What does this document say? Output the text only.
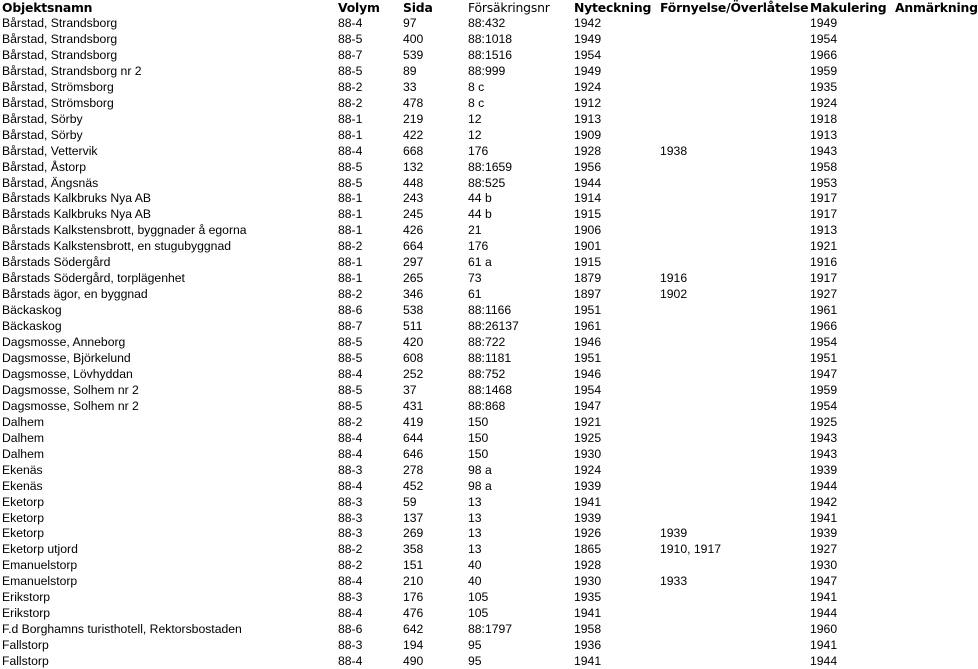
Objektsnamn	Volym	Sida	Försäkringsnr	Nyteckning	Förnyelse/Överlåtelse	Makulering	Anmärkning
Bårstad, Strandsborg	88-4	97	88:432	1942		1949	
Bårstad, Strandsborg	88-5	400	88:1018	1949		1954	
Bårstad, Strandsborg	88-7	539	88:1516	1954		1966	
Bårstad, Strandsborg nr 2	88-5	89	88:999	1949		1959	
Bårstad, Strömsborg	88-2	33	8 c	1924		1935	
Bårstad, Strömsborg	88-2	478	8 c	1912		1924	
Bårstad, Sörby	88-1	219	12	1913		1918	
Bårstad, Sörby	88-1	422	12	1909		1913	
Bårstad, Vettervik	88-4	668	176	1928	1938	1943	
Bårstad, Åstorp	88-5	132	88:1659	1956		1958	
Bårstad, Ängsnäs	88-5	448	88:525	1944		1953	
Bårstads Kalkbruks Nya AB	88-1	243	44 b	1914		1917	
Bårstads Kalkbruks Nya AB	88-1	245	44 b	1915		1917	
Bårstads Kalkstensbrott, byggnader å egorna	88-1	426	21	1906		1913	
Bårstads Kalkstensbrott, en stugubyggnad	88-2	664	176	1901		1921	
Bårstads Södergård	88-1	297	61 a	1915		1916	
Bårstads Södergård, torplägenhet	88-1	265	73	1879	1916	1917	
Bårstads ägor, en byggnad	88-2	346	61	1897	1902	1927	
Bäckaskog	88-6	538	88:1166	1951		1961	
Bäckaskog	88-7	511	88:26137	1961		1966	
Dagsmosse, Anneborg	88-5	420	88:722	1946		1954	
Dagsmosse, Björkelund	88-5	608	88:1181	1951		1951	
Dagsmosse, Lövhyddan	88-4	252	88:752	1946		1947	
Dagsmosse, Solhem nr 2	88-5	37	88:1468	1954		1959	
Dagsmosse, Solhem nr 2	88-5	431	88:868	1947		1954	
Dalhem	88-2	419	150	1921		1925	
Dalhem	88-4	644	150	1925		1943	
Dalhem	88-4	646	150	1930		1943	
Ekenäs	88-3	278	98 a	1924		1939	
Ekenäs	88-4	452	98 a	1939		1944	
Eketorp	88-3	59	13	1941		1942	
Eketorp	88-3	137	13	1939		1941	
Eketorp	88-3	269	13	1926	1939	1939	
Eketorp utjord	88-2	358	13	1865	1910, 1917	1927	
Emanuelstorp	88-2	151	40	1928		1930	
Emanuelstorp	88-4	210	40	1930	1933	1947	
Erikstorp	88-3	176	105	1935		1941	
Erikstorp	88-4	476	105	1941		1944	
F.d Borghamns turisthotell, Rektorsbostaden	88-6	642	88:1797	1958		1960	
Fallstorp	88-3	194	95	1936		1941	
Fallstorp	88-4	490	95	1941		1944	
